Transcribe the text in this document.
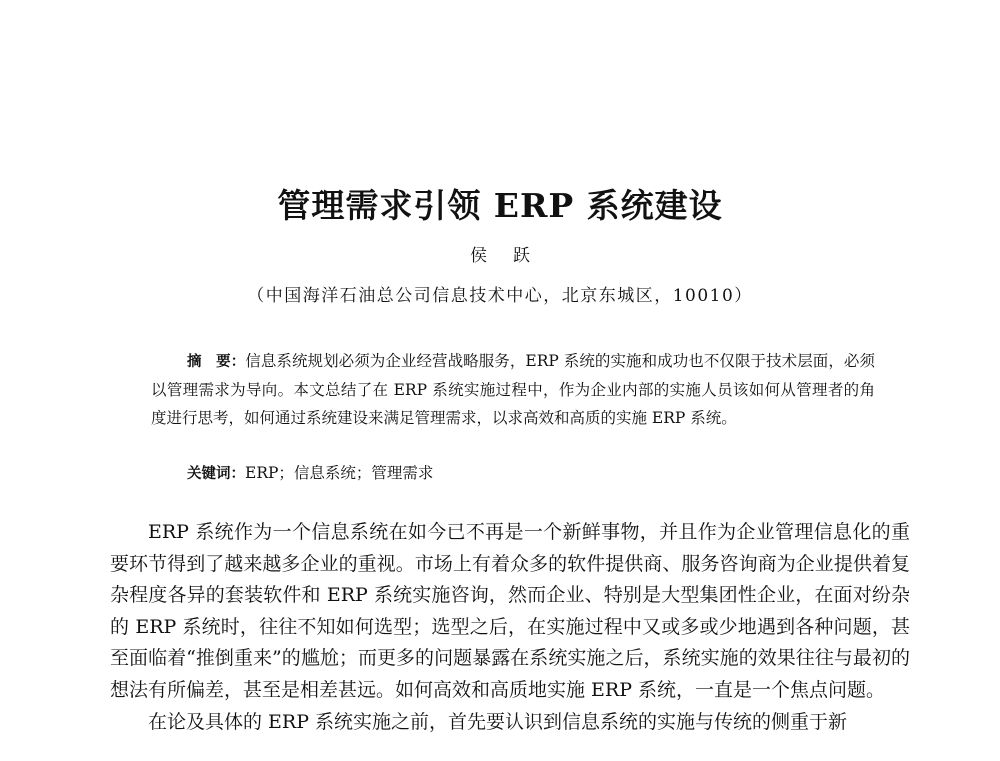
管理需求引领 ERP 系统建设
侯跃
（中国海洋石油总公司信息技术中心，北京东城区，10010）
摘　要：信息系统规划必须为企业经营战略服务，ERP 系统的实施和成功也不仅限于技术层面，必须以管理需求为导向。本文总结了在 ERP 系统实施过程中，作为企业内部的实施人员该如何从管理者的角度进行思考，如何通过系统建设来满足管理需求，以求高效和高质的实施 ERP 系统。
关键词：ERP；信息系统；管理需求

ERP 系统作为一个信息系统在如今已不再是一个新鲜事物，并且作为企业管理信息化的重要环节得到了越来越多企业的重视。市场上有着众多的软件提供商、服务咨询商为企业提供着复杂程度各异的套装软件和 ERP 系统实施咨询，然而企业、特别是大型集团性企业，在面对纷杂的 ERP 系统时，往往不知如何选型；选型之后，在实施过程中又或多或少地遇到各种问题，甚至面临着“推倒重来”的尴尬；而更多的问题暴露在系统实施之后，系统实施的效果往往与最初的想法有所偏差，甚至是相差甚远。如何高效和高质地实施 ERP 系统，一直是一个焦点问题。

在论及具体的 ERP 系统实施之前，首先要认识到信息系统的实施与传统的侧重于新
